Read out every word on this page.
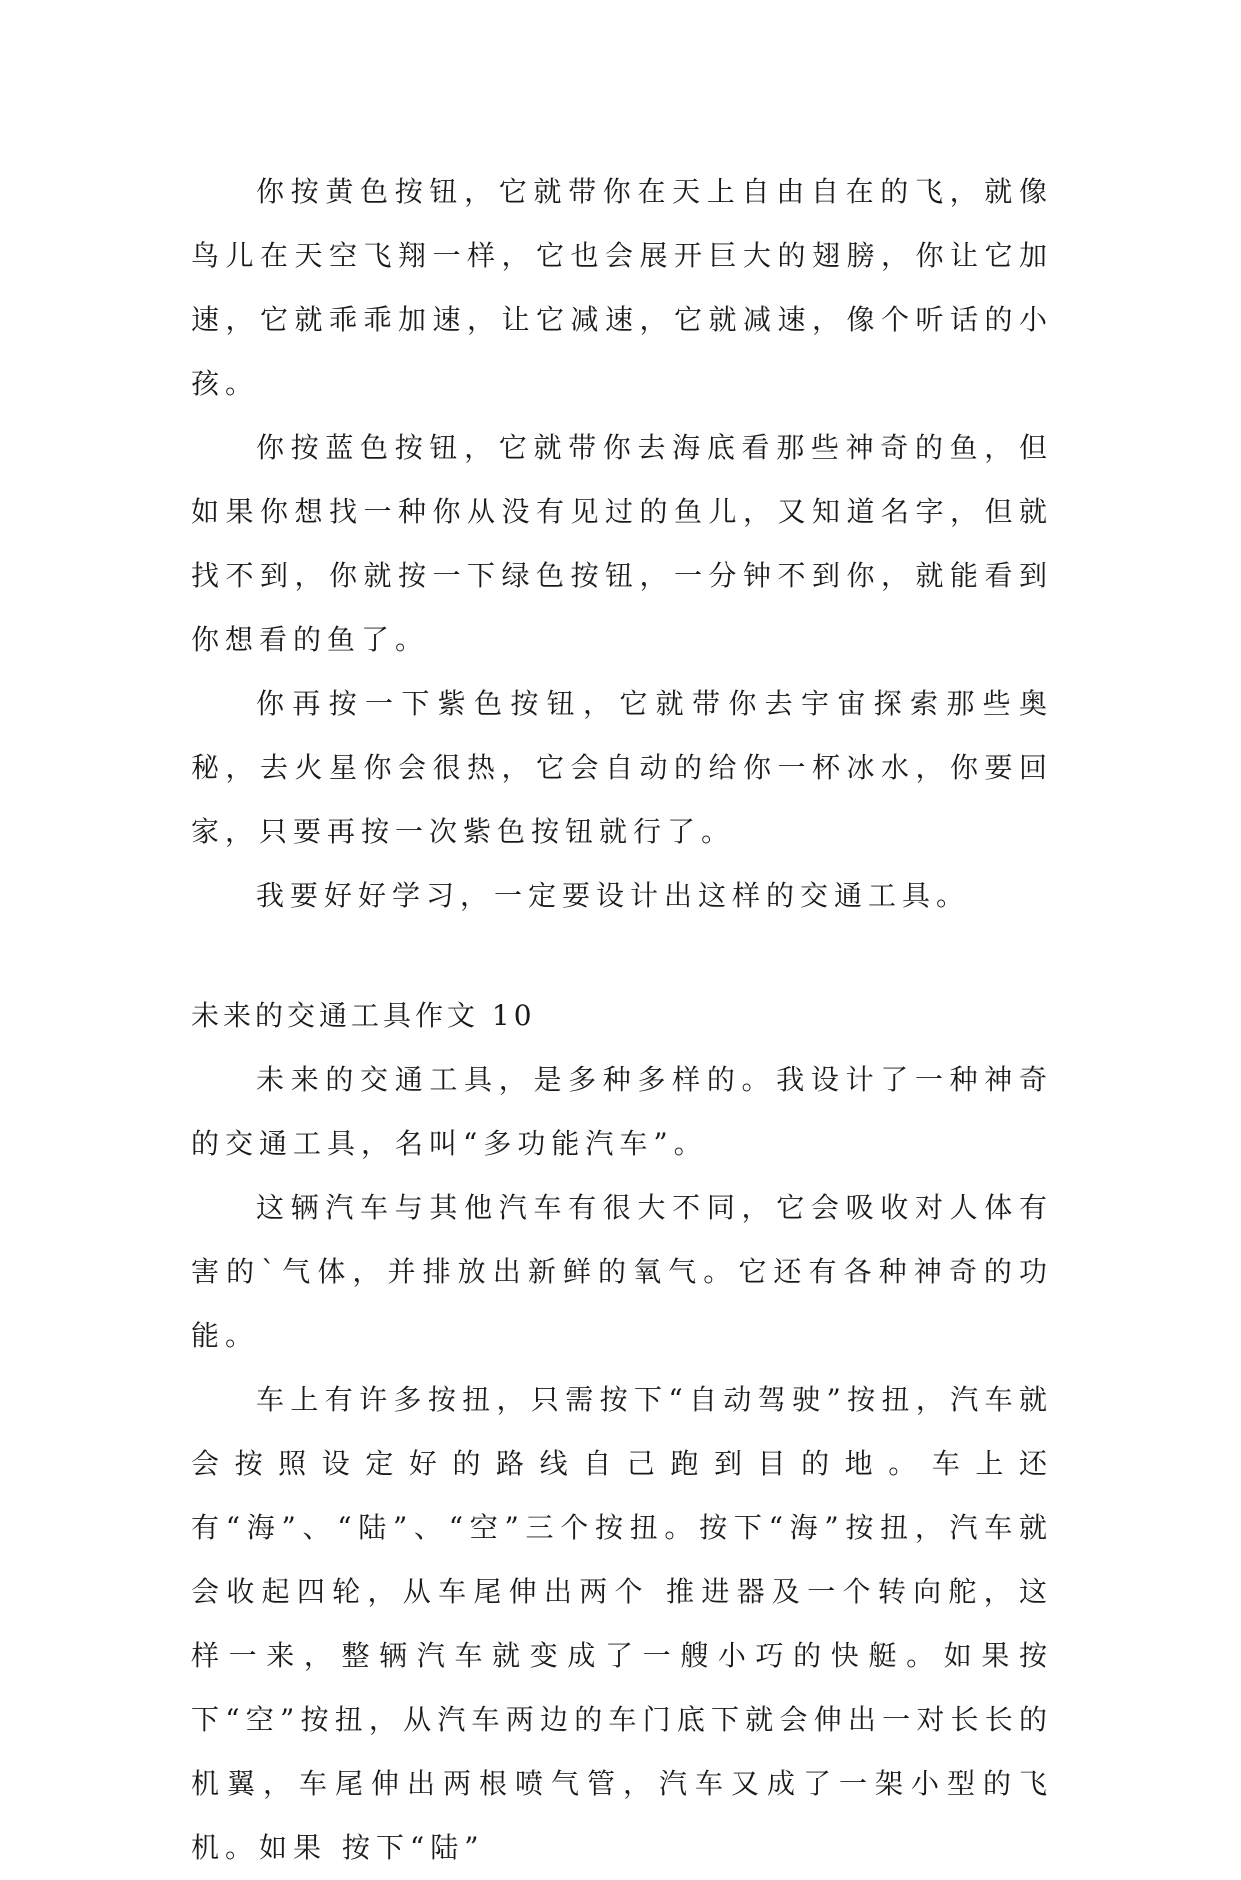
你按黄色按钮，它就带你在天上自由自在的飞，就像鸟儿在天空飞翔一样，它也会展开巨大的翅膀，你让它加速，它就乖乖加速，让它减速，它就减速，像个听话的小孩。

你按蓝色按钮，它就带你去海底看那些神奇的鱼，但如果你想找一种你从没有见过的鱼儿，又知道名字，但就找不到，你就按一下绿色按钮，一分钟不到你，就能看到你想看的鱼了。

你再按一下紫色按钮，它就带你去宇宙探索那些奥秘，去火星你会很热，它会自动的给你一杯冰水，你要回家，只要再按一次紫色按钮就行了。

我要好好学习，一定要设计出这样的交通工具。

未来的交通工具作文 10

未来的交通工具，是多种多样的。我设计了一种神奇的交通工具，名叫“多功能汽车”。

这辆汽车与其他汽车有很大不同，它会吸收对人体有害的`气体，并排放出新鲜的氧气。它还有各种神奇的功能。

车上有许多按扭，只需按下“自动驾驶”按扭，汽车就会按照设定好的路线自己跑到目的地。车上还有“海”、“陆”、“空”三个按扭。按下“海”按扭，汽车就会收起四轮，从车尾伸出两个 推进器及一个转向舵，这样一来，整辆汽车就变成了一艘小巧的快艇。如果按下“空”按扭，从汽车两边的车门底下就会伸出一对长长的机翼，车尾伸出两根喷气管，汽车又成了一架小型的飞机。如果 按下“陆”
